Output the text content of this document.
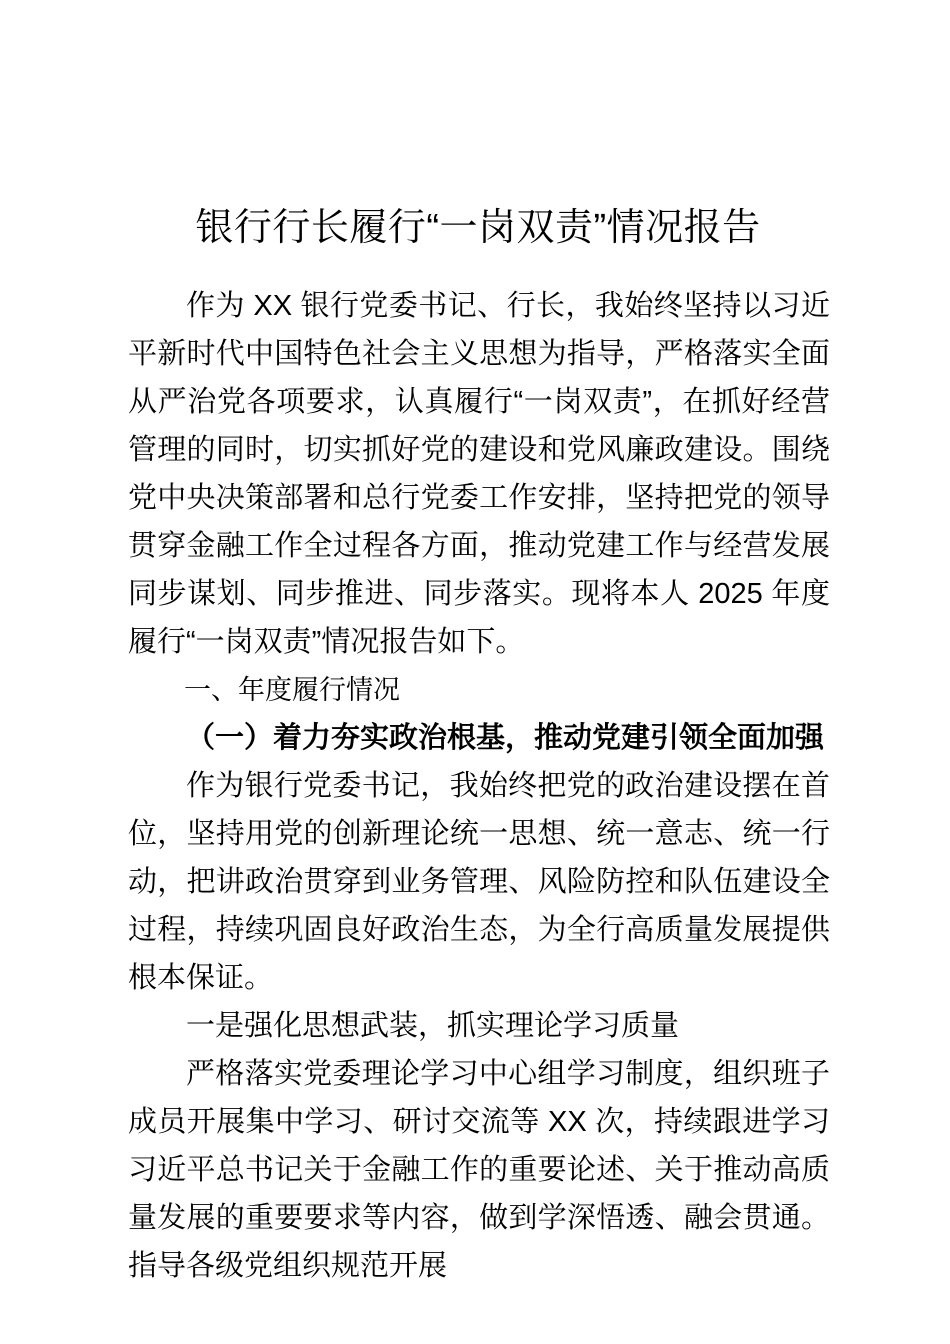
银行行长履行“一岗双责”情况报告

作为 XX 银行党委书记、行长，我始终坚持以习近平新时代中国特色社会主义思想为指导，严格落实全面从严治党各项要求，认真履行“一岗双责”，在抓好经营管理的同时，切实抓好党的建设和党风廉政建设。围绕党中央决策部署和总行党委工作安排，坚持把党的领导贯穿金融工作全过程各方面，推动党建工作与经营发展同步谋划、同步推进、同步落实。现将本人 2025 年度履行“一岗双责”情况报告如下。

一、年度履行情况

（一）着力夯实政治根基，推动党建引领全面加强

作为银行党委书记，我始终把党的政治建设摆在首位，坚持用党的创新理论统一思想、统一意志、统一行动，把讲政治贯穿到业务管理、风险防控和队伍建设全过程，持续巩固良好政治生态，为全行高质量发展提供根本保证。

一是强化思想武装，抓实理论学习质量

严格落实党委理论学习中心组学习制度，组织班子成员开展集中学习、研讨交流等 XX 次，持续跟进学习习近平总书记关于金融工作的重要论述、关于推动高质量发展的重要要求等内容，做到学深悟透、融会贯通。指导各级党组织规范开展
